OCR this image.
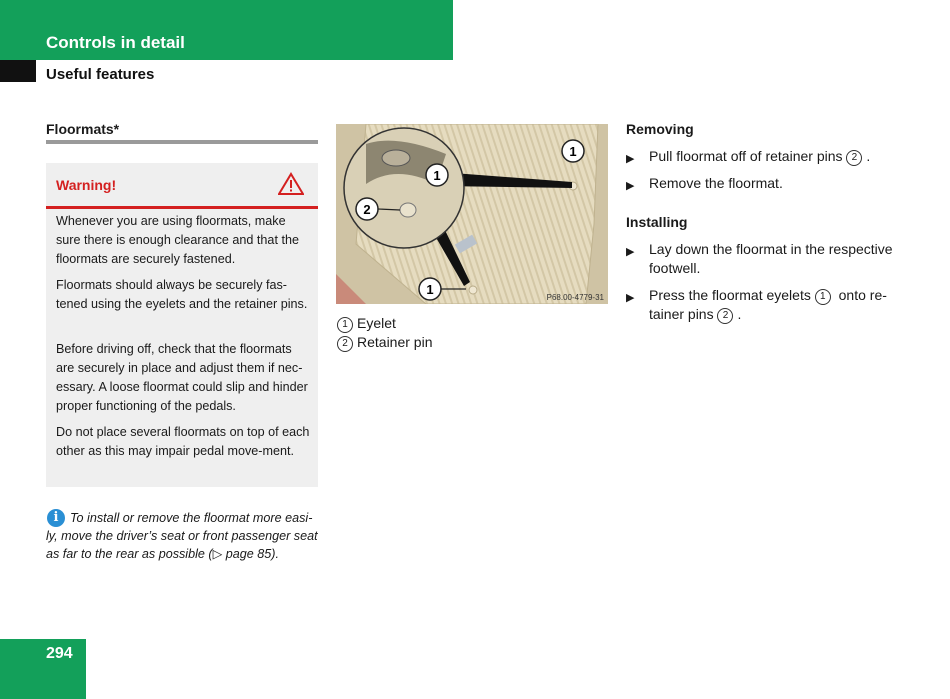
Controls in detail
Useful features
Floormats*
Warning!
Whenever you are using floormats, make sure there is enough clearance and that the floormats are securely fastened.
Floormats should always be securely fas-tened using the eyelets and the retainer pins.
Before driving off, check that the floormats are securely in place and adjust them if nec-essary. A loose floormat could slip and hinder proper functioning of the pedals.
Do not place several floormats on top of each other as this may impair pedal move-ment.
To install or remove the floormat more easi-ly, move the driver’s seat or front passenger seat as far to the rear as possible (▷ page 85).
i
1
1
2
1
P68.00-4779-31
1 Eyelet
2 Retainer pin
Removing
▶ Pull floormat off of retainer pins 2 .
▶ Remove the floormat.
Installing
▶ Lay down the floormat in the respective footwell.
▶ Press the floormat eyelets 1 onto re-tainer pins 2 .
294
